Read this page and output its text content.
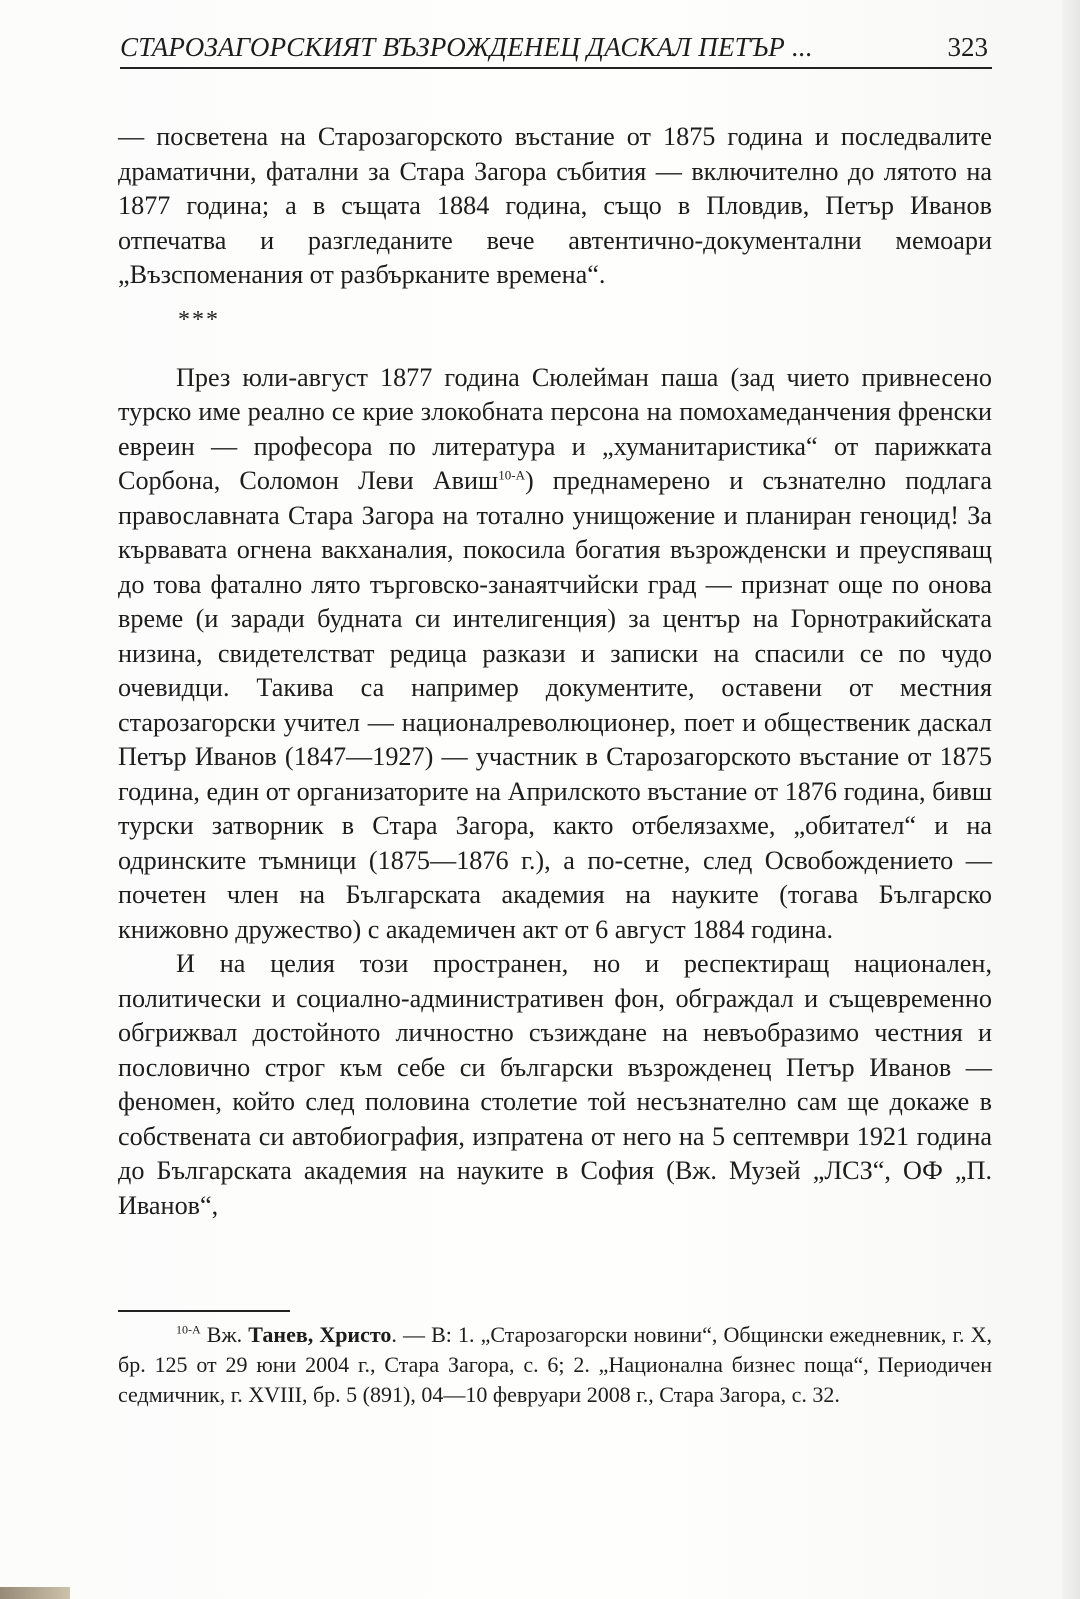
СТАРОЗАГОРСКИЯТ ВЪЗРОЖДЕНЕЦ ДАСКАЛ ПЕТЪР ...	323

— посветена на Старозагорското въстание от 1875 година и последвалите драматични, фатални за Стара Загора събития — включително до лятото на 1877 година; а в същата 1884 година, също в Пловдив, Петър Иванов отпечатва и разгледаните вече автентично-документални мемоари „Възспоменания от разбърканите времена“.

***

През юли-август 1877 година Сюлейман паша (зад чието привнесено турско име реално се крие злокобната персона на помохамеданчения френски евреин — професора по литература и „хуманитаристика“ от парижката Сорбона, Соломон Леви Авиш$^{10-А}$) преднамерено и съзнателно подлага православната Стара Загора на тотално унищожение и планиран геноцид! За кървавата огнена вакханалия, покосила богатия възрожденски и преуспяващ до това фатално лято търговско-занаятчийски град — признат още по онова време (и заради будната си интелигенция) за център на Горнотракийската низина, свидетелстват редица разкази и записки на спасили се по чудо очевидци. Такива са например документите, оставени от местния старозагорски учител — националреволюционер, поет и общественик даскал Петър Иванов (1847—1927) — участник в Старозагорското въстание от 1875 година, един от организаторите на Априлското въстание от 1876 година, бивш турски затворник в Стара Загора, както отбелязахме, „обитател“ и на одринските тъмници (1875—1876 г.), а по-сетне, след Освобождението — почетен член на Българската академия на науките (тогава Българско книжовно дружество) с академичен акт от 6 август 1884 година.

И на целия този пространен, но и респектиращ национален, политически и социално-административен фон, обграждал и същевременно обгрижвал достойното личностно съзиждане на невъобразимо честния и пословично строг към себе си български възрожденец Петър Иванов — феномен, който след половина столетие той несъзнателно сам ще докаже в собствената си автобиография, изпратена от него на 5 септември 1921 година до Българската академия на науките в София (Вж. Музей „ЛСЗ“, ОФ „П. Иванов“,

$^{10-А}$ Вж. Танев, Христо. — В: 1. „Старозагорски новини“, Общински ежедневник, г. Х, бр. 125 от 29 юни 2004 г., Стара Загора, с. 6; 2. „Национална бизнес поща“, Периодичен седмичник, г. XVIII, бр. 5 (891), 04—10 февруари 2008 г., Стара Загора, с. 32.
